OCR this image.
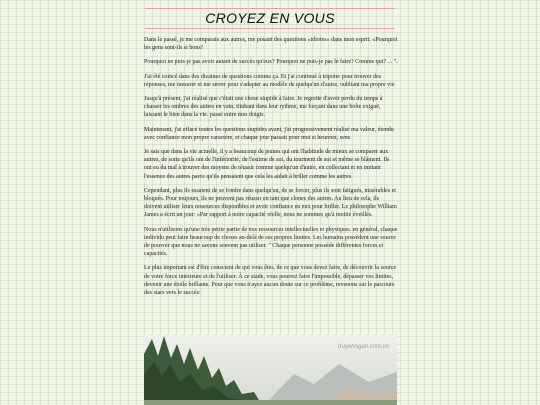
CROYEZ EN VOUS

Dans le passé, je me comparais aux autres, me posant des questions «idiotes» dans mon esprit: «Pourquoi les gens sont-ils si bons?

Pourquoi ne puis-je pas avoir autant de succès qu'eux? Pourquoi ne puis-je pas le faire? Comme qui? ... ".

J'ai été coincé dans des dizaines de questions comme ça. Et j'ai continué à tripoter pour trouver des réponses, me mesurer et me serrer pour s'adapter au modèle de quelqu'un d'autre, oubliant ma propre vie

Jusqu'à présent, j'ai réalisé que c'était une chose stupide à faire. Je regrette d'avoir perdu du temps à chasser les ombres des autres en vain, titubant dans leur rythme, me forçant dans une boîte exiguë, laissant le bien dans la vie. passé entre mes doigts.

Maintenant, j'ai effacé toutes les questions stupides avant, j'ai progressivement réalisé ma valeur, étendu avec confiance mon propre caractère, et chaque jour passait pour moi si heureux, sens.

Je sais que dans la vie actuelle, il y a beaucoup de jeunes qui ont l'habitude de mieux se comparer aux autres, de sorte qu'ils ont de l'infériorité, de l'estime de soi, du tourment de soi et même se blâment. Ils ont eu du mal à trouver des moyens de réussir comme quelqu'un d'autre, en collectant et en imitant l'essence des autres parce qu'ils pensaient que cela les aidait à briller comme les autres.

Cependant, plus ils essaient de se fondre dans quelqu'un, de se forcer, plus ils sont fatigués, misérables et bloqués. Pour toujours, ils ne peuvent pas réussir en tant que clones des autres. Au lieu de cela, ils doivent utiliser leurs ressources disponibles et avoir confiance en eux pour briller. Le philosophe William James a écrit un jour: «Par rapport à notre capacité réelle, nous ne sommes qu'à moitié éveillés.

Nous n'utilisons qu'une très petite partie de nos ressources intellectuelles et physiques. en général, chaque individu peut faire beaucoup de choses au-delà de ses propres limites. Les humains possèdent une source de pouvoir que nous ne savons souvent pas utiliser. " Chaque personne possède différentes forces et capacités.

Le plus important est d'être conscient de qui vous êtes, de ce que vous devez faire, de découvrir la source de votre force intérieure et de l'utiliser. À ce stade, vous pourrez faire l'impossible, dépasser vos limites, devenir une étoile brillante. Pour que vous n'ayez aucun doute sur ce problème, revenons sur le parcours des stars vers le succès:

truyenngan.com.vn
